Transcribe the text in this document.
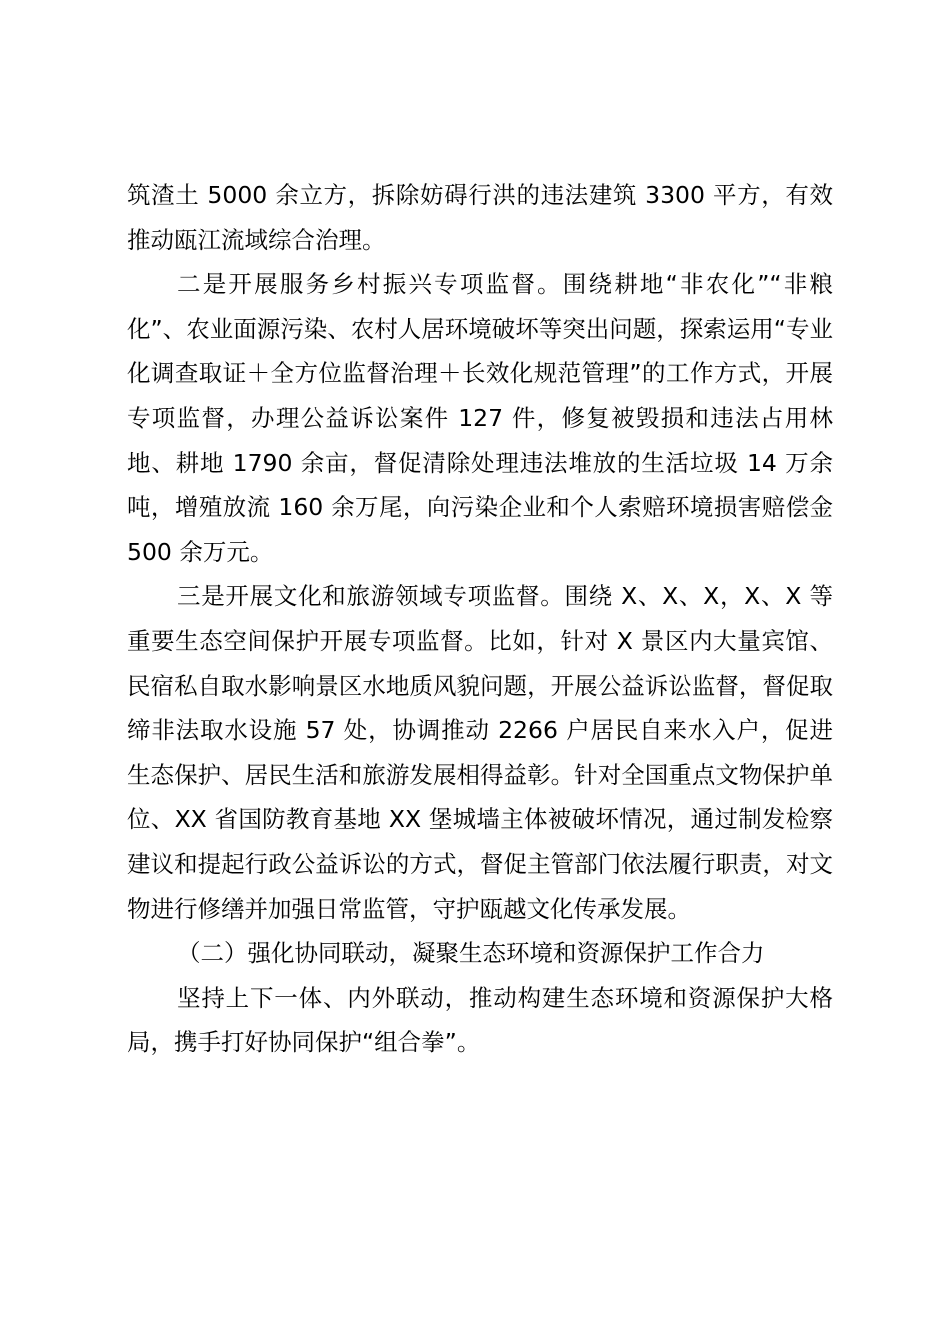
筑渣土 5000 余立方，拆除妨碍行洪的违法建筑 3300 平方，有效推动瓯江流域综合治理。

二是开展服务乡村振兴专项监督。围绕耕地“非农化”“非粮化”、农业面源污染、农村人居环境破坏等突出问题，探索运用“专业化调查取证＋全方位监督治理＋长效化规范管理”的工作方式，开展专项监督，办理公益诉讼案件 127 件，修复被毁损和违法占用林地、耕地 1790 余亩，督促清除处理违法堆放的生活垃圾 14 万余吨，增殖放流 160 余万尾，向污染企业和个人索赔环境损害赔偿金 500 余万元。

三是开展文化和旅游领域专项监督。围绕 X、X、X，X、X 等重要生态空间保护开展专项监督。比如，针对 X 景区内大量宾馆、民宿私自取水影响景区水地质风貌问题，开展公益诉讼监督，督促取缔非法取水设施 57 处，协调推动 2266 户居民自来水入户，促进生态保护、居民生活和旅游发展相得益彰。针对全国重点文物保护单位、XX 省国防教育基地 XX 堡城墙主体被破坏情况，通过制发检察建议和提起行政公益诉讼的方式，督促主管部门依法履行职责，对文物进行修缮并加强日常监管，守护瓯越文化传承发展。

（二）强化协同联动，凝聚生态环境和资源保护工作合力

坚持上下一体、内外联动，推动构建生态环境和资源保护大格局，携手打好协同保护“组合拳”。
